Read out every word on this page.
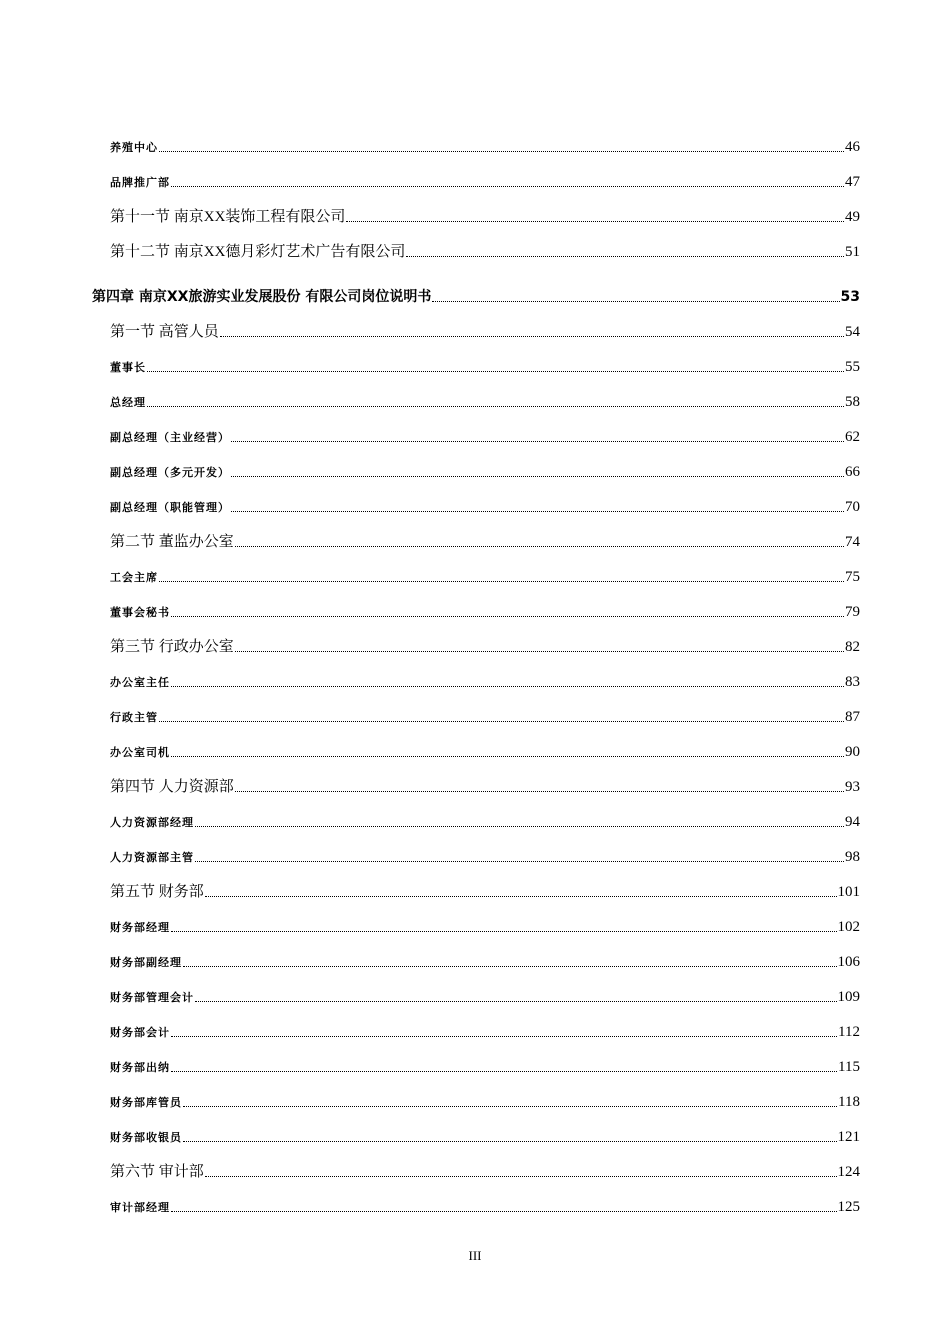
养殖中心	46
品牌推广部	47
第十一节 南京XX装饰工程有限公司	49
第十二节 南京XX德月彩灯艺术广告有限公司	51
第四章 南京XX旅游实业发展股份 有限公司岗位说明书	53
第一节 高管人员	54
董事长	55
总经理	58
副总经理（主业经营）	62
副总经理（多元开发）	66
副总经理（职能管理）	70
第二节 董监办公室	74
工会主席	75
董事会秘书	79
第三节 行政办公室	82
办公室主任	83
行政主管	87
办公室司机	90
第四节 人力资源部	93
人力资源部经理	94
人力资源部主管	98
第五节 财务部	101
财务部经理	102
财务部副经理	106
财务部管理会计	109
财务部会计	112
财务部出纳	115
财务部库管员	118
财务部收银员	121
第六节 审计部	124
审计部经理	125
III
